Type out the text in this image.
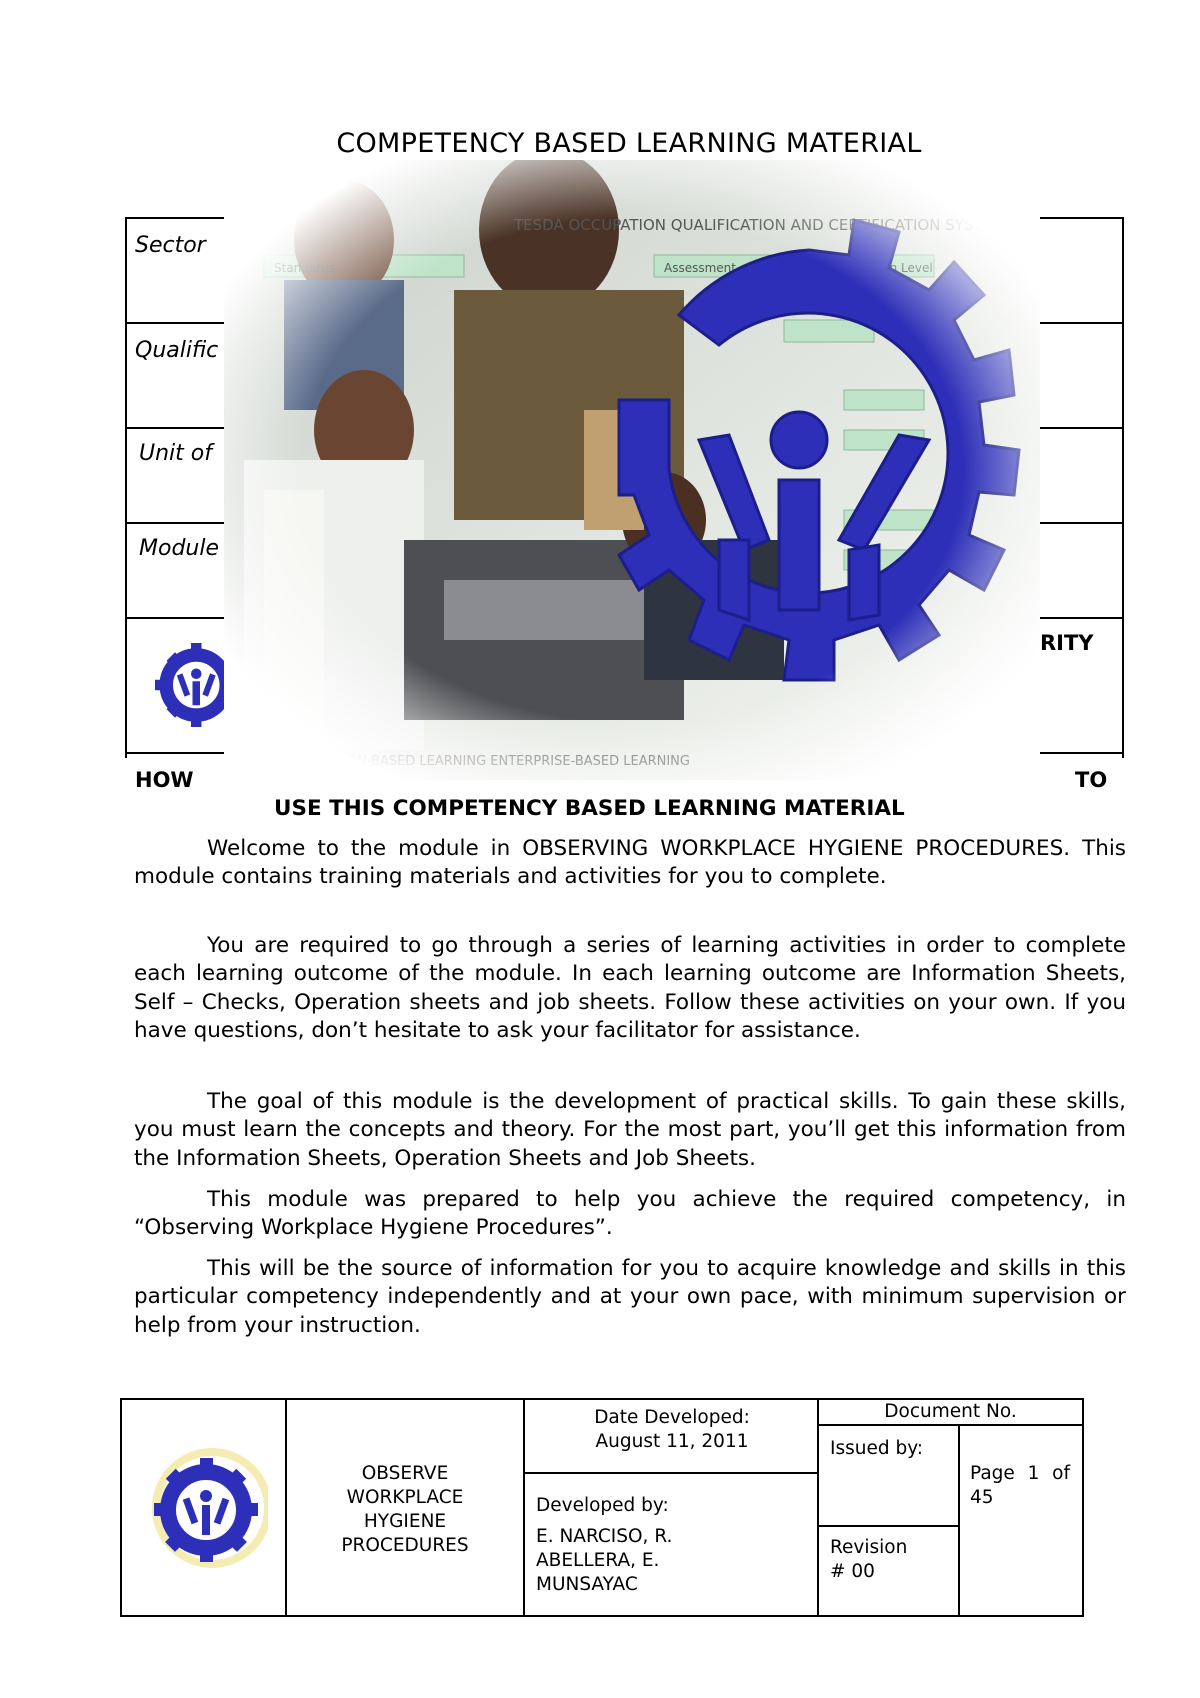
COMPETENCY BASED LEARNING MATERIAL
Sector
Qualific
Unit of
Module
RITY
HOW	TO
USE THIS COMPETENCY BASED LEARNING MATERIAL

Welcome to the module in OBSERVING WORKPLACE HYGIENE PROCEDURES. This module contains training materials and activities for you to complete.

You are required to go through a series of learning activities in order to complete each learning outcome of the module. In each learning outcome are Information Sheets, Self – Checks, Operation sheets and job sheets. Follow these activities on your own. If you have questions, don’t hesitate to ask your facilitator for assistance.

The goal of this module is the development of practical skills. To gain these skills, you must learn the concepts and theory. For the most part, you’ll get this information from the Information Sheets, Operation Sheets and Job Sheets.

This module was prepared to help you achieve the required competency, in “Observing Workplace Hygiene Procedures”.

This will be the source of information for you to acquire knowledge and skills in this particular competency independently and at your own pace, with minimum supervision or help from your instruction.

OBSERVE
WORKPLACE
HYGIENE
PROCEDURES
Date Developed:
August 11, 2011
Developed by:
E. NARCISO, R.
ABELLERA, E.
MUNSAYAC
Document No.
Issued by:
Page 1 of 45
Revision
# 00
